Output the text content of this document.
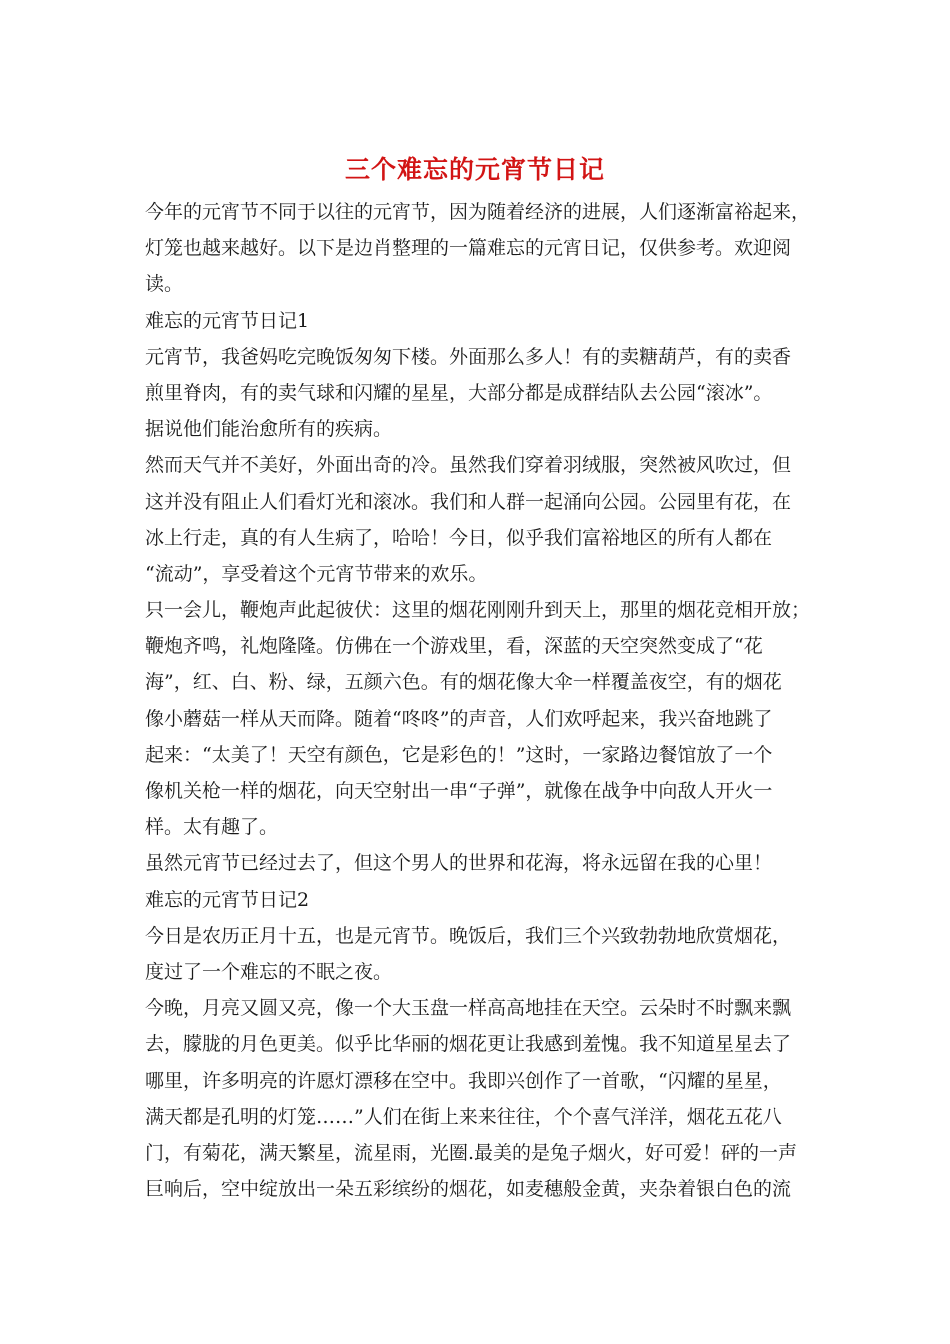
三个难忘的元宵节日记
今年的元宵节不同于以往的元宵节，因为随着经济的进展，人们逐渐富裕起来，
灯笼也越来越好。以下是边肖整理的一篇难忘的元宵日记，仅供参考。欢迎阅
读。
难忘的元宵节日记1
元宵节，我爸妈吃完晚饭匆匆下楼。外面那么多人！有的卖糖葫芦，有的卖香
煎里脊肉，有的卖气球和闪耀的星星，大部分都是成群结队去公园“滚冰”。
据说他们能治愈所有的疾病。
然而天气并不美好，外面出奇的冷。虽然我们穿着羽绒服，突然被风吹过，但
这并没有阻止人们看灯光和滚冰。我们和人群一起涌向公园。公园里有花，在
冰上行走，真的有人生病了，哈哈！今日，似乎我们富裕地区的所有人都在
“流动”，享受着这个元宵节带来的欢乐。
只一会儿，鞭炮声此起彼伏：这里的烟花刚刚升到天上，那里的烟花竞相开放；
鞭炮齐鸣，礼炮隆隆。仿佛在一个游戏里，看，深蓝的天空突然变成了“花
海”，红、白、粉、绿，五颜六色。有的烟花像大伞一样覆盖夜空，有的烟花
像小蘑菇一样从天而降。随着“咚咚”的声音，人们欢呼起来，我兴奋地跳了
起来：“太美了！天空有颜色，它是彩色的！”这时，一家路边餐馆放了一个
像机关枪一样的烟花，向天空射出一串“子弹”，就像在战争中向敌人开火一
样。太有趣了。
虽然元宵节已经过去了，但这个男人的世界和花海，将永远留在我的心里！
难忘的元宵节日记2
今日是农历正月十五，也是元宵节。晚饭后，我们三个兴致勃勃地欣赏烟花，
度过了一个难忘的不眠之夜。
今晚，月亮又圆又亮，像一个大玉盘一样高高地挂在天空。云朵时不时飘来飘
去，朦胧的月色更美。似乎比华丽的烟花更让我感到羞愧。我不知道星星去了
哪里，许多明亮的许愿灯漂移在空中。我即兴创作了一首歌，“闪耀的星星，
满天都是孔明的灯笼……”人们在街上来来往往，个个喜气洋洋，烟花五花八
门，有菊花，满天繁星，流星雨，光圈.最美的是兔子烟火，好可爱！砰的一声
巨响后，空中绽放出一朵五彩缤纷的烟花，如麦穗般金黄，夹杂着银白色的流
